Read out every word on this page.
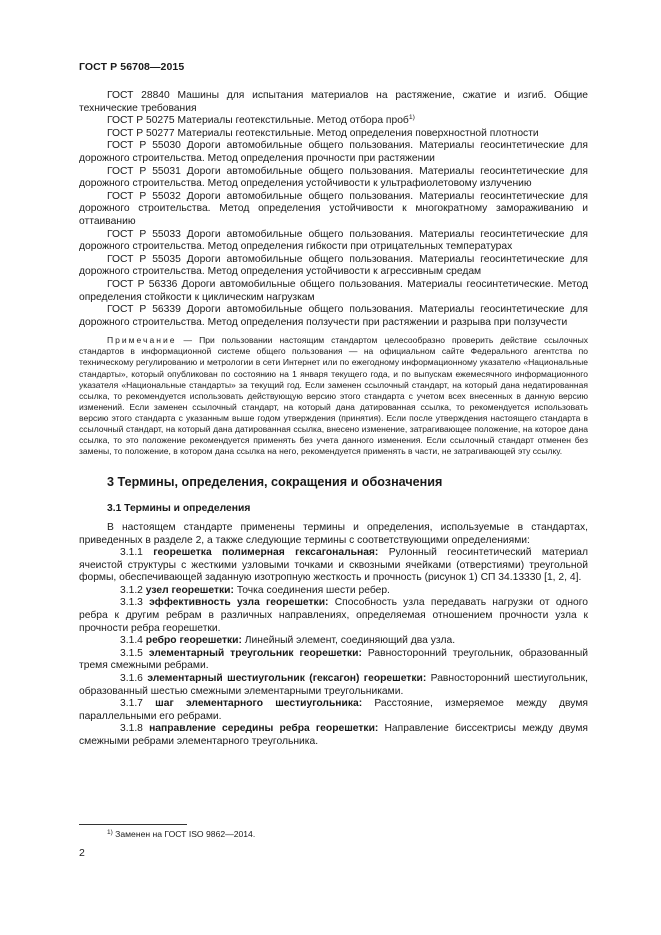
ГОСТ Р 56708—2015

ГОСТ 28840 Машины для испытания материалов на растяжение, сжатие и изгиб. Общие технические требования

ГОСТ Р 50275 Материалы геотекстильные. Метод отбора проб$^{1)}$

ГОСТ Р 50277 Материалы геотекстильные. Метод определения поверхностной плотности

ГОСТ Р 55030 Дороги автомобильные общего пользования. Материалы геосинтетические для дорожного строительства. Метод определения прочности при растяжении

ГОСТ Р 55031 Дороги автомобильные общего пользования. Материалы геосинтетические для дорожного строительства. Метод определения устойчивости к ультрафиолетовому излучению

ГОСТ Р 55032 Дороги автомобильные общего пользования. Материалы геосинтетические для дорожного строительства. Метод определения устойчивости к многократному замораживанию и оттаиванию

ГОСТ Р 55033 Дороги автомобильные общего пользования. Материалы геосинтетические для дорожного строительства. Метод определения гибкости при отрицательных температурах

ГОСТ Р 55035 Дороги автомобильные общего пользования. Материалы геосинтетические для дорожного строительства. Метод определения устойчивости к агрессивным средам

ГОСТ Р 56336 Дороги автомобильные общего пользования. Материалы геосинтетические. Метод определения стойкости к циклическим нагрузкам

ГОСТ Р 56339 Дороги автомобильные общего пользования. Материалы геосинтетические для дорожного строительства. Метод определения ползучести при растяжении и разрыва при ползучести

Примечание — При пользовании настоящим стандартом целесообразно проверить действие ссылочных стандартов в информационной системе общего пользования — на официальном сайте Федерального агентства по техническому регулированию и метрологии в сети Интернет или по ежегодному информационному указателю «Национальные стандарты», который опубликован по состоянию на 1 января текущего года, и по выпускам ежемесячного информационного указателя «Национальные стандарты» за текущий год. Если заменен ссылочный стандарт, на который дана недатированная ссылка, то рекомендуется использовать действующую версию этого стандарта с учетом всех внесенных в данную версию изменений. Если заменен ссылочный стандарт, на который дана датированная ссылка, то рекомендуется использовать версию этого стандарта с указанным выше годом утверждения (принятия). Если после утверждения настоящего стандарта в ссылочный стандарт, на который дана датированная ссылка, внесено изменение, затрагивающее положение, на которое дана ссылка, то это положение рекомендуется применять без учета данного изменения. Если ссылочный стандарт отменен без замены, то положение, в котором дана ссылка на него, рекомендуется применять в части, не затрагивающей эту ссылку.

3 Термины, определения, сокращения и обозначения

3.1 Термины и определения

В настоящем стандарте применены термины и определения, используемые в стандартах, приведенных в разделе 2, а также следующие термины с соответствующими определениями:

3.1.1 георешетка полимерная гексагональная: Рулонный геосинтетический материал ячеистой структуры с жесткими узловыми точками и сквозными ячейками (отверстиями) треугольной формы, обеспечивающей заданную изотропную жесткость и прочность (рисунок 1) СП 34.13330 [1, 2, 4].

3.1.2 узел георешетки: Точка соединения шести ребер.

3.1.3 эффективность узла георешетки: Способность узла передавать нагрузки от одного ребра к другим ребрам в различных направлениях, определяемая отношением прочности узла к прочности ребра георешетки.

3.1.4 ребро георешетки: Линейный элемент, соединяющий два узла.

3.1.5 элементарный треугольник георешетки: Равносторонний треугольник, образованный тремя смежными ребрами.

3.1.6 элементарный шестиугольник (гексагон) георешетки: Равносторонний шестиугольник, образованный шестью смежными элементарными треугольниками.

3.1.7 шаг элементарного шестиугольника: Расстояние, измеряемое между двумя параллельными его ребрами.

3.1.8 направление середины ребра георешетки: Направление биссектрисы между двумя смежными ребрами элементарного треугольника.

$^{1)}$ Заменен на ГОСТ ISO 9862—2014.
2
